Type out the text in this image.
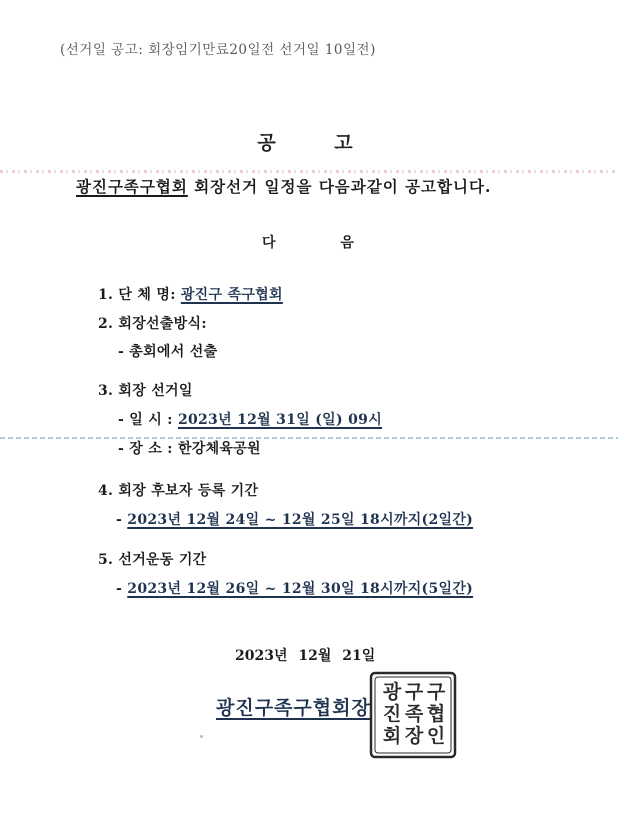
(선거일 공고: 회장임기만료20일전 선거일 10일전)
공 고
광진구족구협회 회장선거 일정을 다음과같이 공고합니다.
다 음
1. 단 체 명: 광진구 족구협회
2. 회장선출방식:
- 총회에서 선출
3. 회장 선거일
- 일 시 : 2023년 12월 31일 (일) 09시
- 장 소 : 한강체육공원
4. 회장 후보자 등록 기간
- 2023년 12월 24일 ~ 12월 25일 18시까지(2일간)
5. 선거운동 기간
- 2023년 12월 26일 ~ 12월 30일 18시까지(5일간)
2023년 12월 21일
광진구족구협회장
광
진
회
구
족
장
구
협
인
